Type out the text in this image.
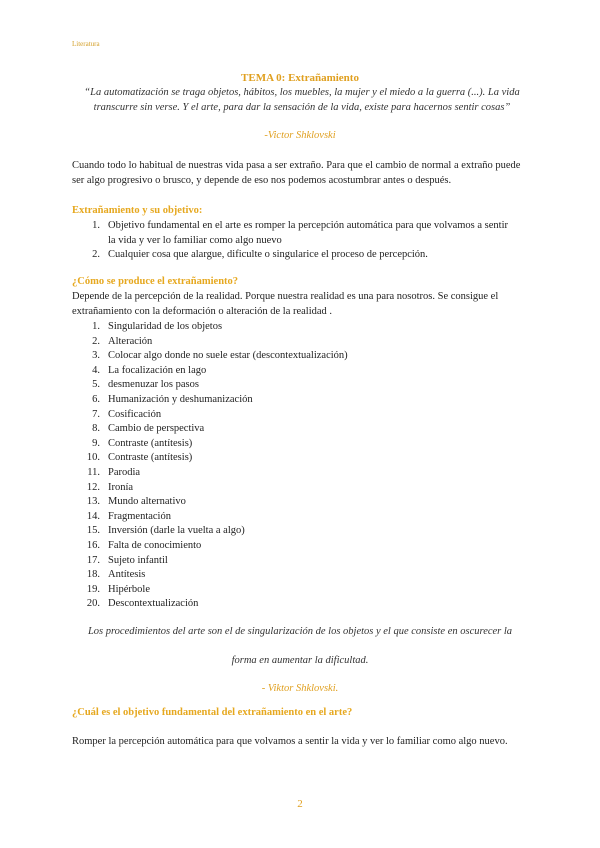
Literatura
TEMA 0: Extrañamiento
“La automatización se traga objetos, hábitos, los muebles, la mujer y el miedo a la guerra (...). La vida transcurre sin verse. Y el arte, para dar la sensación de la vida, existe para hacernos sentir cosas”
-Victor Shklovski
Cuando todo lo habitual de nuestras vida pasa a ser extraño. Para que el cambio de normal a extraño puede ser algo progresivo o brusco, y depende de eso nos podemos acostumbrar antes o después.
Extrañamiento y su objetivo:
1. Objetivo fundamental en el arte es romper la percepción automática para que volvamos a sentir la vida y ver lo familiar como algo nuevo
2. Cualquier cosa que alargue, dificulte o singularice el proceso de percepción.
¿Cómo se produce el extrañamiento?
Depende de la percepción de la realidad. Porque nuestra realidad es una para nosotros. Se consigue el extrañamiento con la deformación o alteración de la realidad .
1. Singularidad de los objetos
2. Alteración
3. Colocar algo donde no suele estar (descontextualización)
4. La focalización en lago
5. desmenuzar los pasos
6. Humanización y deshumanización
7. Cosificación
8. Cambio de perspectiva
9. Contraste (antítesis)
10. Contraste (antítesis)
11. Parodia
12. Ironía
13. Mundo alternativo
14. Fragmentación
15. Inversión (darle la vuelta a algo)
16. Falta de conocimiento
17. Sujeto infantil
18. Antítesis
19. Hipérbole
20. Descontextualización
Los procedimientos del arte son el de singularización de los objetos y el que consiste en oscurecer la
forma en aumentar la dificultad.
- Viktor Shklovski.
¿Cuál es el objetivo fundamental del extrañamiento en el arte?
Romper la percepción automática para que volvamos a sentir la vida y ver lo familiar como algo nuevo.
2
